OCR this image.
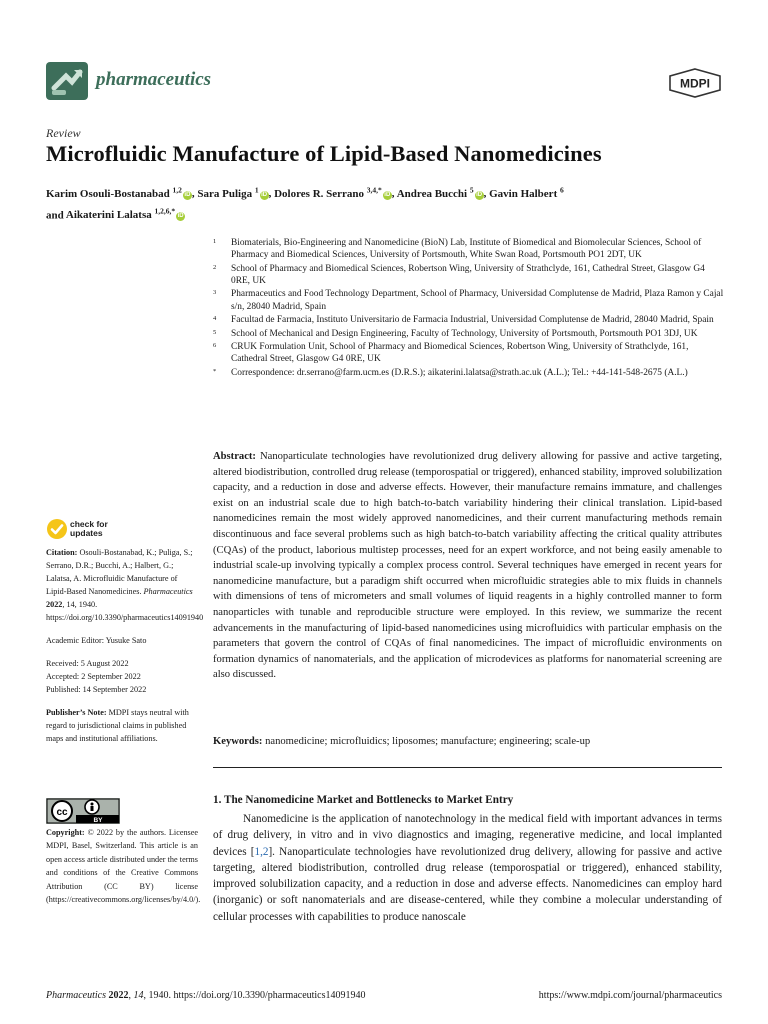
pharmaceutics	MDPI
Review
Microfluidic Manufacture of Lipid-Based Nanomedicines
Karim Osouli-Bostanabad $^{1,2}$iD , Sara Puliga $^1$iD , Dolores R. Serrano $^{3,4,*}$iD , Andrea Bucchi $^5$iD , Gavin Halbert $^6$
and Aikaterini Lalatsa $^{1,2,6,*}$iD
1	Biomaterials, Bio-Engineering and Nanomedicine (BioN) Lab, Institute of Biomedical and Biomolecular Sciences, School of Pharmacy and Biomedical Sciences, University of Portsmouth, White Swan Road, Portsmouth PO1 2DT, UK
2	School of Pharmacy and Biomedical Sciences, Robertson Wing, University of Strathclyde, 161, Cathedral Street, Glasgow G4 0RE, UK
3	Pharmaceutics and Food Technology Department, School of Pharmacy, Universidad Complutense de Madrid, Plaza Ramon y Cajal s/n, 28040 Madrid, Spain
4	Facultad de Farmacia, Instituto Universitario de Farmacia Industrial, Universidad Complutense de Madrid, 28040 Madrid, Spain
5	School of Mechanical and Design Engineering, Faculty of Technology, University of Portsmouth, Portsmouth PO1 3DJ, UK
6	CRUK Formulation Unit, School of Pharmacy and Biomedical Sciences, Robertson Wing, University of Strathclyde, 161, Cathedral Street, Glasgow G4 0RE, UK
*	Correspondence: dr.serrano@farm.ucm.es (D.R.S.); aikaterini.lalatsa@strath.ac.uk (A.L.); Tel.: +44-141-548-2675 (A.L.)

Abstract: Nanoparticulate technologies have revolutionized drug delivery allowing for passive and active targeting, altered biodistribution, controlled drug release (temporospatial or triggered), enhanced stability, improved solubilization capacity, and a reduction in dose and adverse effects. However, their manufacture remains immature, and challenges exist on an industrial scale due to high batch-to-batch variability hindering their clinical translation. Lipid-based nanomedicines remain the most widely approved nanomedicines, and their current manufacturing methods remain discontinuous and face several problems such as high batch-to-batch variability affecting the critical quality attributes (CQAs) of the product, laborious multistep processes, need for an expert workforce, and not being easily amenable to industrial scale-up involving typically a complex process control. Several techniques have emerged in recent years for nanomedicine manufacture, but a paradigm shift occurred when microfluidic strategies able to mix fluids in channels with dimensions of tens of micrometers and small volumes of liquid reagents in a highly controlled manner to form nanoparticles with tunable and reproducible structure were employed. In this review, we summarize the recent advancements in the manufacturing of lipid-based nanomedicines using microfluidics with particular emphasis on the parameters that govern the control of CQAs of final nanomedicines. The impact of microfluidic environments on formation dynamics of nanomaterials, and the application of microdevices as platforms for nanomaterial screening are also discussed.

Keywords: nanomedicine; microfluidics; liposomes; manufacture; engineering; scale-up

1. The Nanomedicine Market and Bottlenecks to Market Entry

Nanomedicine is the application of nanotechnology in the medical field with important advances in terms of drug delivery, in vitro and in vivo diagnostics and imaging, regenerative medicine, and local implanted devices [1,2]. Nanoparticulate technologies have revolutionized drug delivery, allowing for passive and active targeting, altered biodistribution, controlled drug release (temporospatial or triggered), enhanced stability, improved solubilization capacity, and a reduction in dose and adverse effects. Nanomedicines can employ hard (inorganic) or soft nanomaterials and are disease-centered, while they combine a molecular understanding of cellular processes with capabilities to produce nanoscale

check for
updates

Citation: Osouli-Bostanabad, K.; Puliga, S.; Serrano, D.R.; Bucchi, A.; Halbert, G.; Lalatsa, A. Microfluidic Manufacture of Lipid-Based Nanomedicines. Pharmaceutics 2022, 14, 1940. https://doi.org/10.3390/pharmaceutics14091940

Academic Editor: Yusuke Sato

Received: 5 August 2022

Accepted: 2 September 2022

Published: 14 September 2022

Publisher’s Note: MDPI stays neutral with regard to jurisdictional claims in published maps and institutional affiliations.

cc
BY

Copyright: © 2022 by the authors. Licensee MDPI, Basel, Switzerland. This article is an open access article distributed under the terms and conditions of the Creative Commons Attribution (CC BY) license (https://creativecommons.org/licenses/by/4.0/).

Pharmaceutics 2022, 14, 1940. https://doi.org/10.3390/pharmaceutics14091940	https://www.mdpi.com/journal/pharmaceutics
